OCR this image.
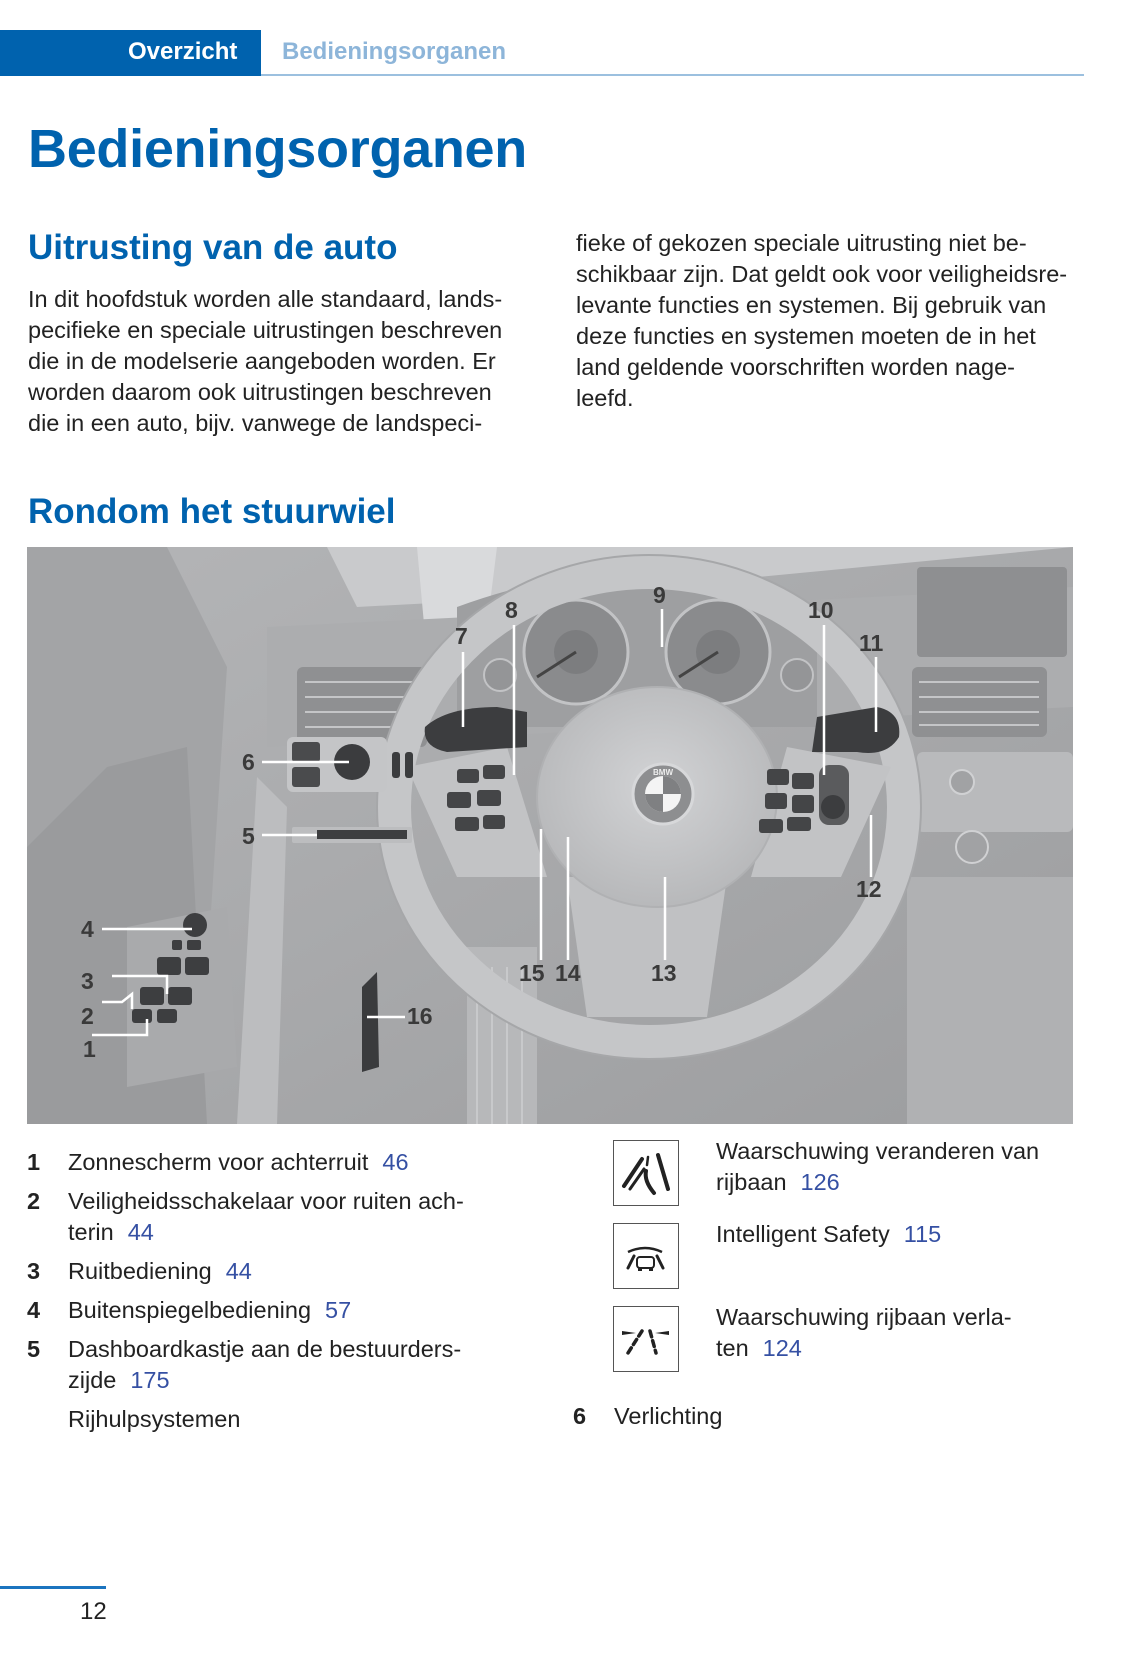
Overzicht Bedieningsorganen
Bedieningsorganen
Uitrusting van de auto
In dit hoofdstuk worden alle standaard, lands-
pecifieke en speciale uitrustingen beschreven
die in de modelserie aangeboden worden. Er
worden daarom ook uitrustingen beschreven
die in een auto, bijv. vanwege de landspeci-
fieke of gekozen speciale uitrusting niet be-
schikbaar zijn. Dat geldt ook voor veiligheidsre-
levante functies en systemen. Bij gebruik van
deze functies en systemen moeten de in het
land geldende voorschriften worden nage-
leefd.
Rondom het stuurwiel
BMW
1
2
3
4
5
6
7
8
9
10
11
12
13
14
15
16
1 Zonnescherm voor achterruit 46
2 Veiligheidsschakelaar voor ruiten ach-
terin 44
3 Ruitbediening 44
4 Buitenspiegelbediening 57
5 Dashboardkastje aan de bestuurders-
zijde 175
Rijhulpsystemen
Waarschuwing veranderen van
rijbaan 126
Intelligent Safety 115
Waarschuwing rijbaan verla-
ten 124
6 Verlichting
12
